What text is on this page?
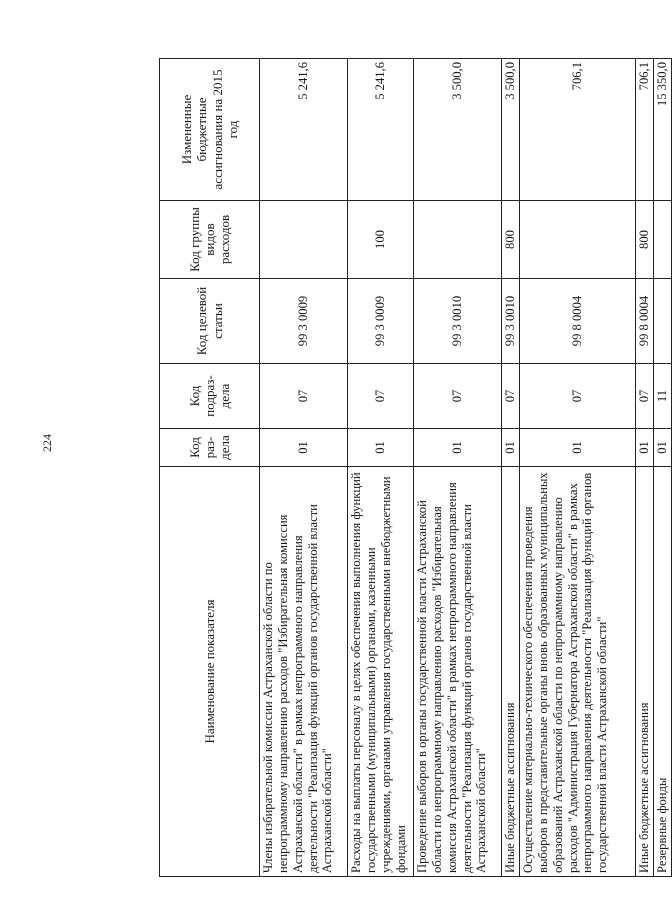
224
Наименование показателя	Код раз-дела	Код подраз-дела	Код целевой статьи	Код группы видов расходов	Измененные бюджетные ассигнования на 2015 год
Члены избирательной комиссии Астраханской области по непрограммному направлению расходов "Избирательная комиссия Астраханской области" в рамках непрограммного направления деятельности "Реализация функций органов государственной власти Астраханской области"	01	07	99 3 0009		5 241,6
Расходы на выплаты персоналу в целях обеспечения выполнения функций государственными (муниципальными) органами, казенными учреждениями, органами управления государственными внебюджетными фондами	01	07	99 3 0009	100	5 241,6
Проведение выборов в органы государственной власти Астраханской области по непрограммному направлению расходов "Избирательная комиссия Астраханской области" в рамках непрограммного направления деятельности "Реализация функций органов государственной власти Астраханской области"	01	07	99 3 0010		3 500,0
Иные бюджетные ассигнования	01	07	99 3 0010	800	3 500,0
Осуществление материально-технического обеспечения проведения выборов в представительные органы вновь образованных муниципальных образований Астраханской области по непрограммному направлению расходов "Администрация Губернатора Астраханской области" в рамках непрограммного направления деятельности "Реализация функций органов государственной власти Астраханской области"	01	07	99 8 0004		706,1
Иные бюджетные ассигнования	01	07	99 8 0004	800	706,1
Резервные фонды	01	11			15 350,0
